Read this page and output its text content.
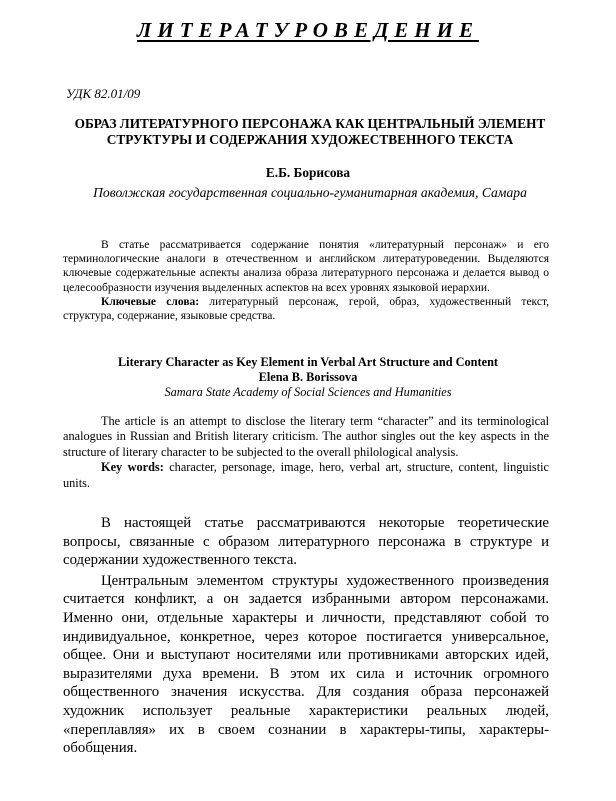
ЛИТЕРАТУРОВЕДЕНИЕ
УДК 82.01/09
ОБРАЗ ЛИТЕРАТУРНОГО ПЕРСОНАЖА КАК ЦЕНТРАЛЬНЫЙ ЭЛЕМЕНТ СТРУКТУРЫ И СОДЕРЖАНИЯ ХУДОЖЕСТВЕННОГО ТЕКСТА
Е.Б. Борисова
Поволжская государственная социально-гуманитарная академия, Самара

В статье рассматривается содержание понятия «литературный персонаж» и его терминологические аналоги в отечественном и английском литературоведении. Выделяются ключевые содержательные аспекты анализа образа литературного персонажа и делается вывод о целесообразности изучения выделенных аспектов на всех уровнях языковой иерархии.

Ключевые слова: литературный персонаж, герой, образ, художественный текст, структура, содержание, языковые средства.

Literary Character as Key Element in Verbal Art Structure and Content
Elena B. Borissova
Samara State Academy of Social Sciences and Humanities

The article is an attempt to disclose the literary term “character” and its terminological analogues in Russian and British literary criticism. The author singles out the key aspects in the structure of literary character to be subjected to the overall philological analysis.

Key words: character, personage, image, hero, verbal art, structure, content, linguistic units.

В настоящей статье рассматриваются некоторые теоретические вопросы, связанные с образом литературного персонажа в структуре и содержании художественного текста.

Центральным элементом структуры художественного произведения считается конфликт, а он задается избранными автором персонажами. Именно они, отдельные характеры и личности, представляют собой то индивидуальное, конкретное, через которое постигается универсальное, общее. Они и выступают носителями или противниками авторских идей, выразителями духа времени. В этом их сила и источник огромного общественного значения искусства. Для создания образа персонажей художник использует реальные характеристики реальных людей, «переплавляя» их в своем сознании в характеры-типы, характеры-обобщения.
